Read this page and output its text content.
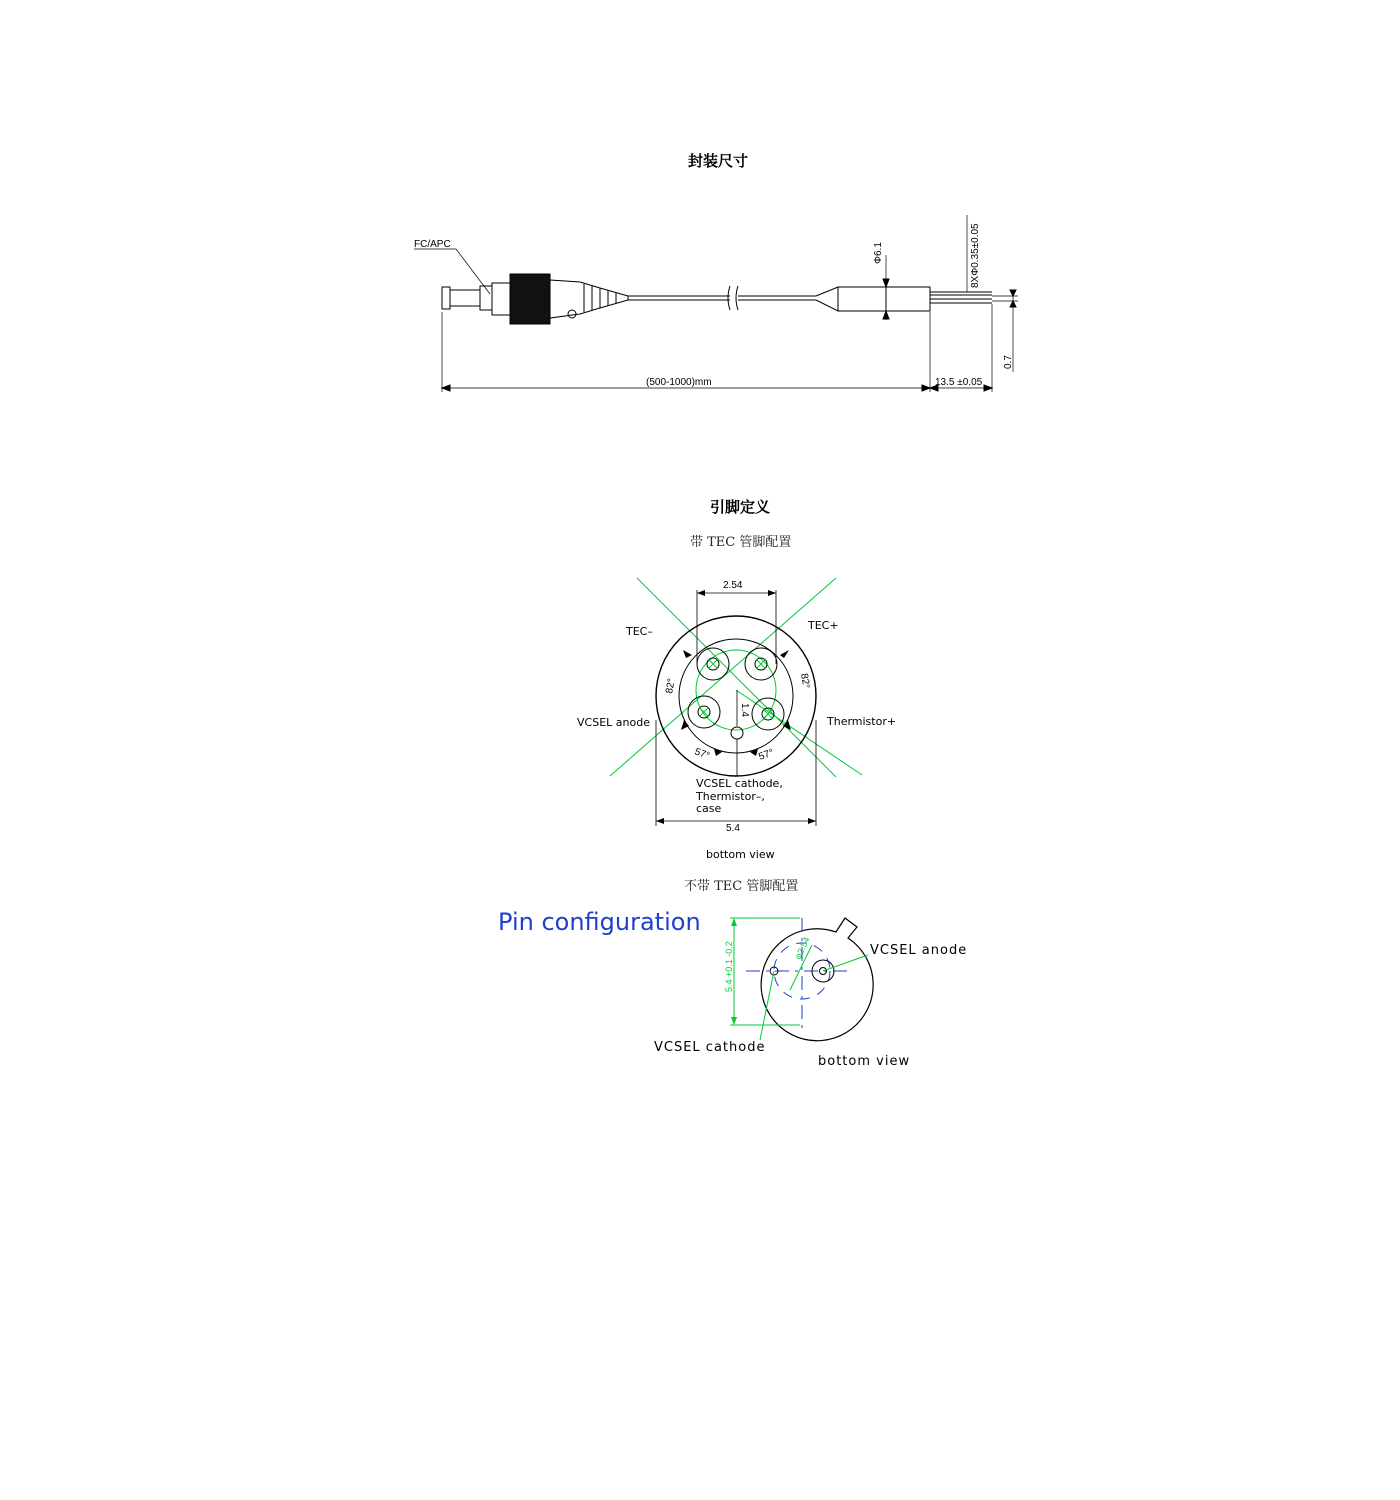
封装尺寸
引脚定义
带 TEC 管脚配置
不带 TEC 管脚配置
Pin configuration
FC/APC	Φ6.1	8XΦ0.35±0.05
0.7
(500-1000)mm	13.5 ±0.05
2.54
1.4
5.4
82°	82°
57°	57°
TEC–	TEC+
VCSEL anode	Thermistor+
VCSEL cathode,
Thermistor–,
case
bottom view
5.4 +0.1 -0.2	φ2.54	VCSEL anode
VCSEL cathode
bottom view
